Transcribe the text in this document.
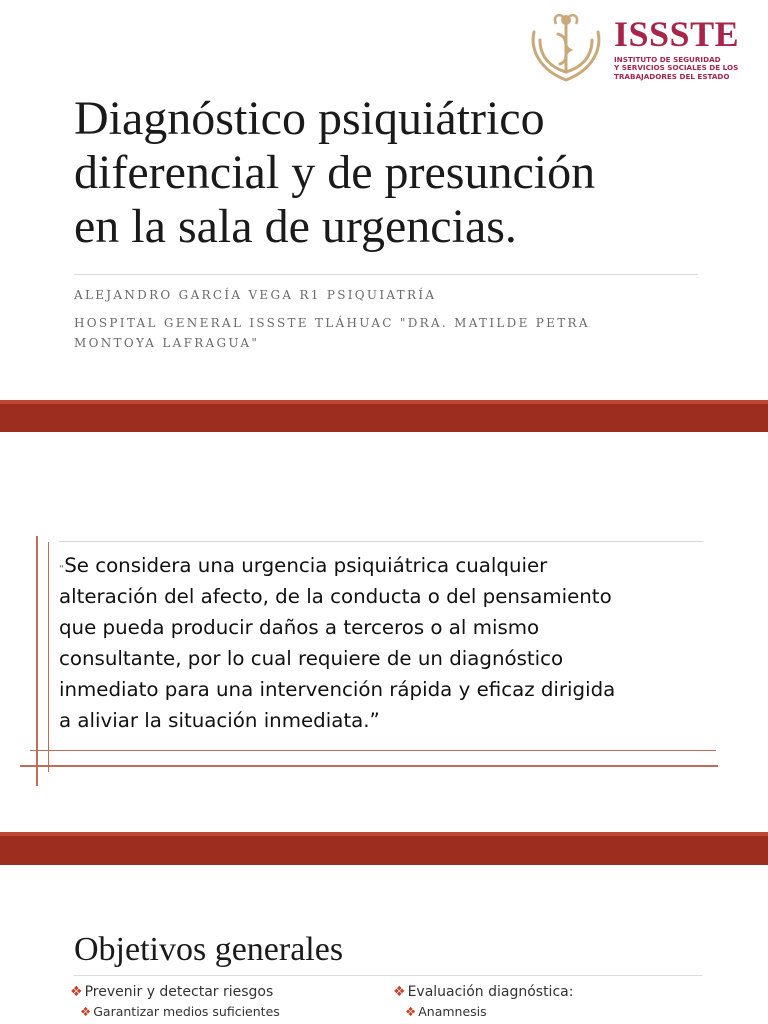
ISSSTE
INSTITUTO DE SEGURIDAD
Y SERVICIOS SOCIALES DE LOS
TRABAJADORES DEL ESTADO
Diagnóstico psiquiátrico
diferencial y de presunción
en la sala de urgencias.
ALEJANDRO GARCÍA VEGA R1 PSIQUIATRÍA
HOSPITAL GENERAL ISSSTE TLÁHUAC "DRA. MATILDE PETRA
MONTOYA LAFRAGUA"
“Se considera una urgencia psiquiátrica cualquier
alteración del afecto, de la conducta o del pensamiento
que pueda producir daños a terceros o al mismo
consultante, por lo cual requiere de un diagnóstico
inmediato para una intervención rápida y eficaz dirigida
a aliviar la situación inmediata.”
Objetivos generales
❖ Prevenir y detectar riesgos
❖ Garantizar medios suficientes
❖ Evaluación diagnóstica:
❖ Anamnesis
